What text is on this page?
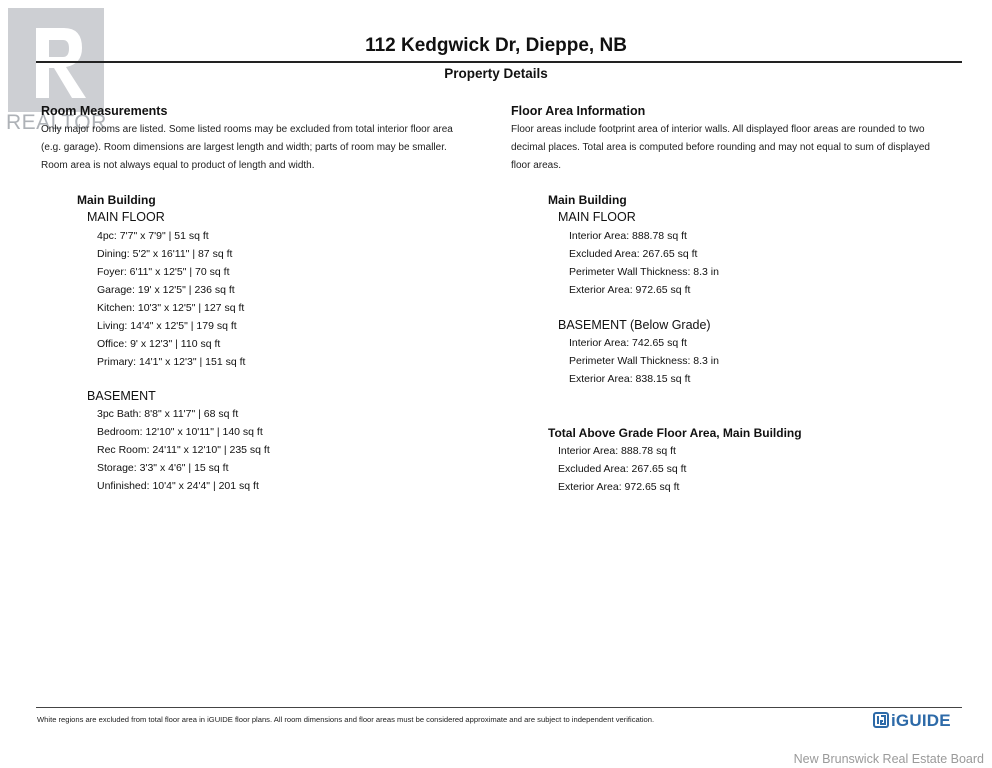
REALTOR
112 Kedgwick Dr, Dieppe, NB
Property Details
Room Measurements
Only major rooms are listed. Some listed rooms may be excluded from total interior floor area
(e.g. garage). Room dimensions are largest length and width; parts of room may be smaller.
Room area is not always equal to product of length and width.
Main Building
MAIN FLOOR
4pc: 7'7" x 7'9" | 51 sq ft
Dining: 5'2" x 16'11" | 87 sq ft
Foyer: 6'11" x 12'5" | 70 sq ft
Garage: 19' x 12'5" | 236 sq ft
Kitchen: 10'3" x 12'5" | 127 sq ft
Living: 14'4" x 12'5" | 179 sq ft
Office: 9' x 12'3" | 110 sq ft
Primary: 14'1" x 12'3" | 151 sq ft
BASEMENT
3pc Bath: 8'8" x 11'7" | 68 sq ft
Bedroom: 12'10" x 10'11" | 140 sq ft
Rec Room: 24'11" x 12'10" | 235 sq ft
Storage: 3'3" x 4'6" | 15 sq ft
Unfinished: 10'4" x 24'4" | 201 sq ft
Floor Area Information
Floor areas include footprint area of interior walls. All displayed floor areas are rounded to two
decimal places. Total area is computed before rounding and may not equal to sum of displayed
floor areas.
Main Building
MAIN FLOOR
Interior Area: 888.78 sq ft
Excluded Area: 267.65 sq ft
Perimeter Wall Thickness: 8.3 in
Exterior Area: 972.65 sq ft
BASEMENT (Below Grade)
Interior Area: 742.65 sq ft
Perimeter Wall Thickness: 8.3 in
Exterior Area: 838.15 sq ft
Total Above Grade Floor Area, Main Building
Interior Area: 888.78 sq ft
Excluded Area: 267.65 sq ft
Exterior Area: 972.65 sq ft
White regions are excluded from total floor area in iGUIDE floor plans. All room dimensions and floor areas must be considered approximate and are subject to independent verification.	iGUIDE
New Brunswick Real Estate Board
